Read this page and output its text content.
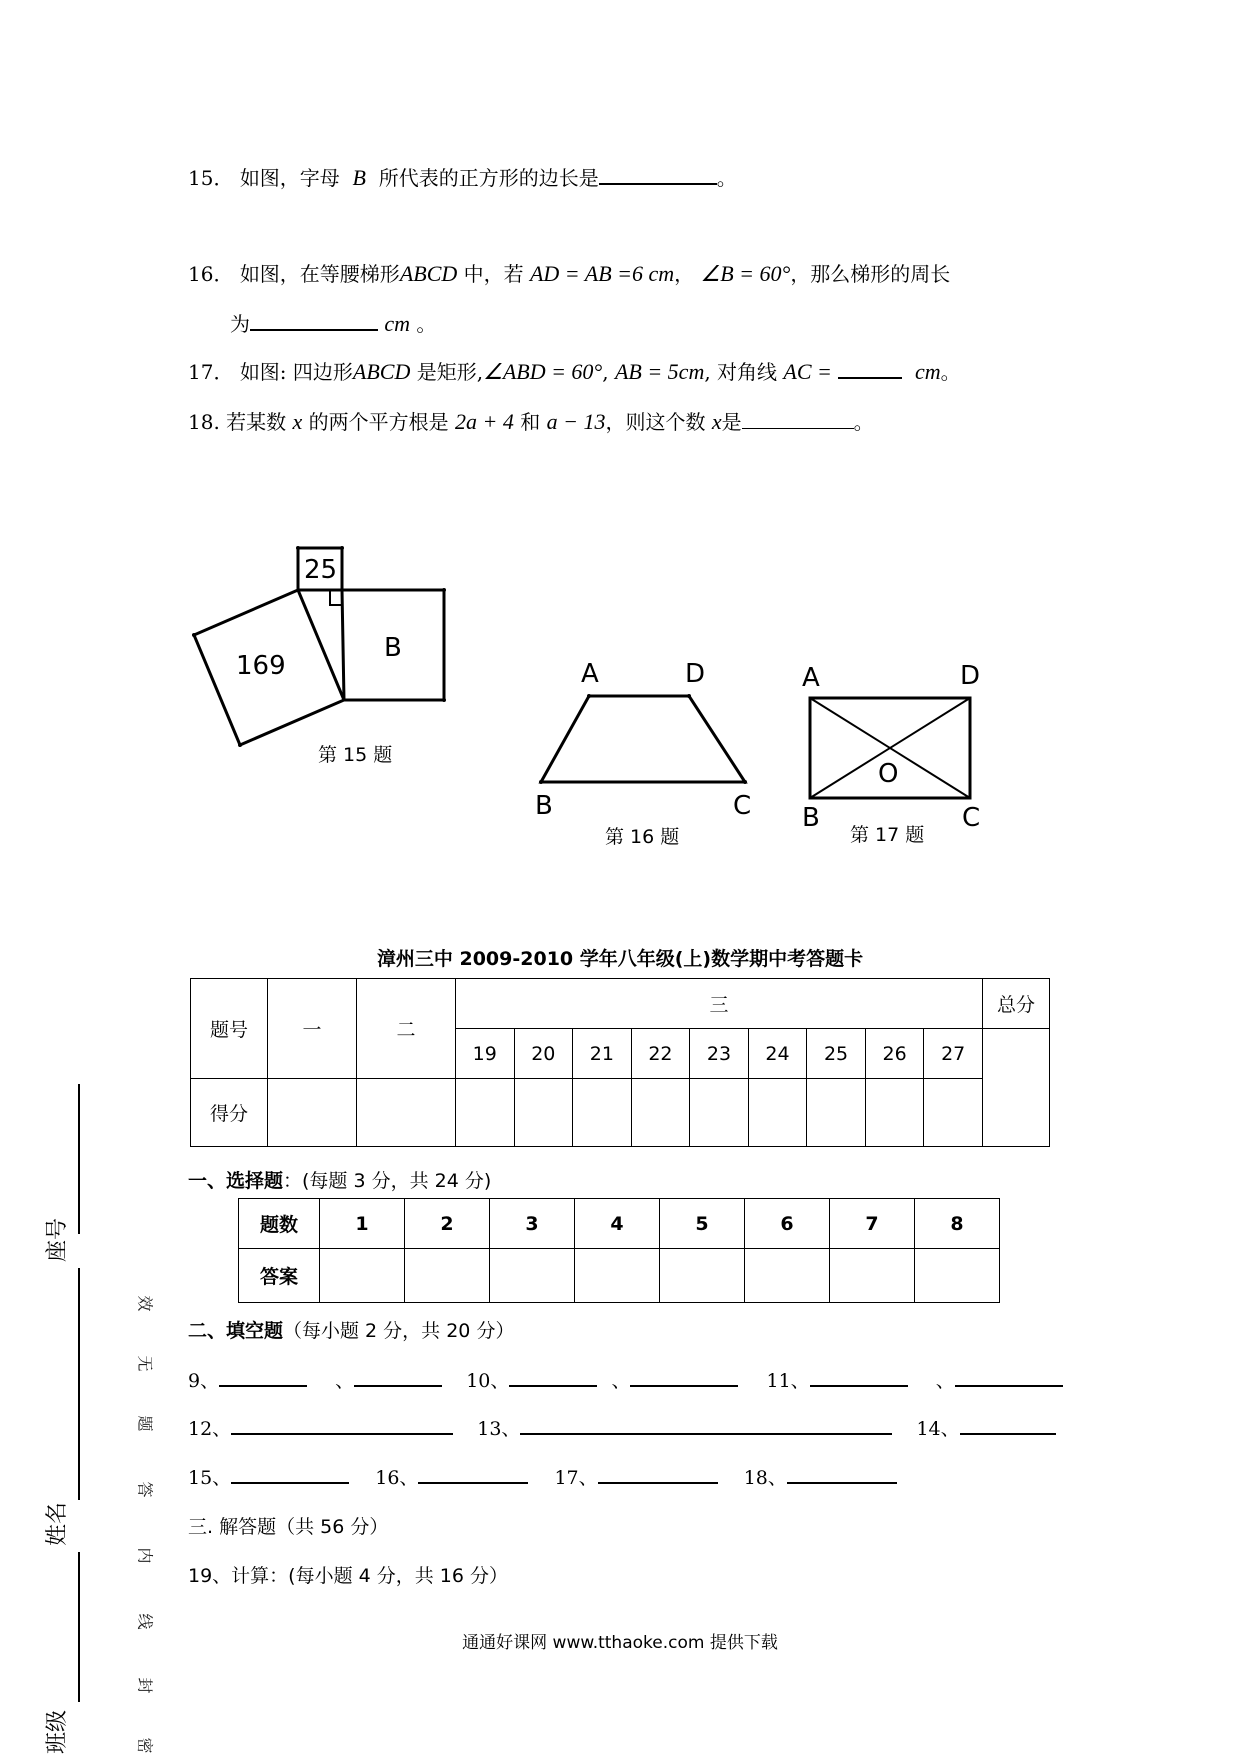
15． 如图，字母 B 所代表的正方形的边长是	。
16． 如图，在等腰梯形ABCD 中，若 AD = AB =6 cm， ∠B = 60°，那么梯形的周长
为	cm 。
17． 如图: 四边形ABCD 是矩形,∠ABD = 60°, AB = 5cm, 对角线 AC =	cm。
18. 若某数 x 的两个平方根是 2a + 4 和 a − 13，则这个数 x是	。
25
169
B
第 15 题
A	D
B	C
第 16 题
A	D
B	C
O
第 17 题
漳州三中 2009-2010 学年八年级(上)数学期中考答题卡
题号	一	二	三									总分
			19	20	21	22	23	24	25	26	27	
得分												
一、选择题：(每题 3 分，共 24 分)
题数	1	2	3	4	5	6	7	8
答案								
二、填空题（每小题 2 分，共 20 分）
9、	、	10、	、	11、	、
12、	13、	14、
15、	16、	17、	18、
三. 解答题（共 56 分）
19、计算：(每小题 4 分，共 16 分）
座号
姓名
班级
效
无
题
答
内
线
封
密
通通好课网 www.tthaoke.com 提供下载
